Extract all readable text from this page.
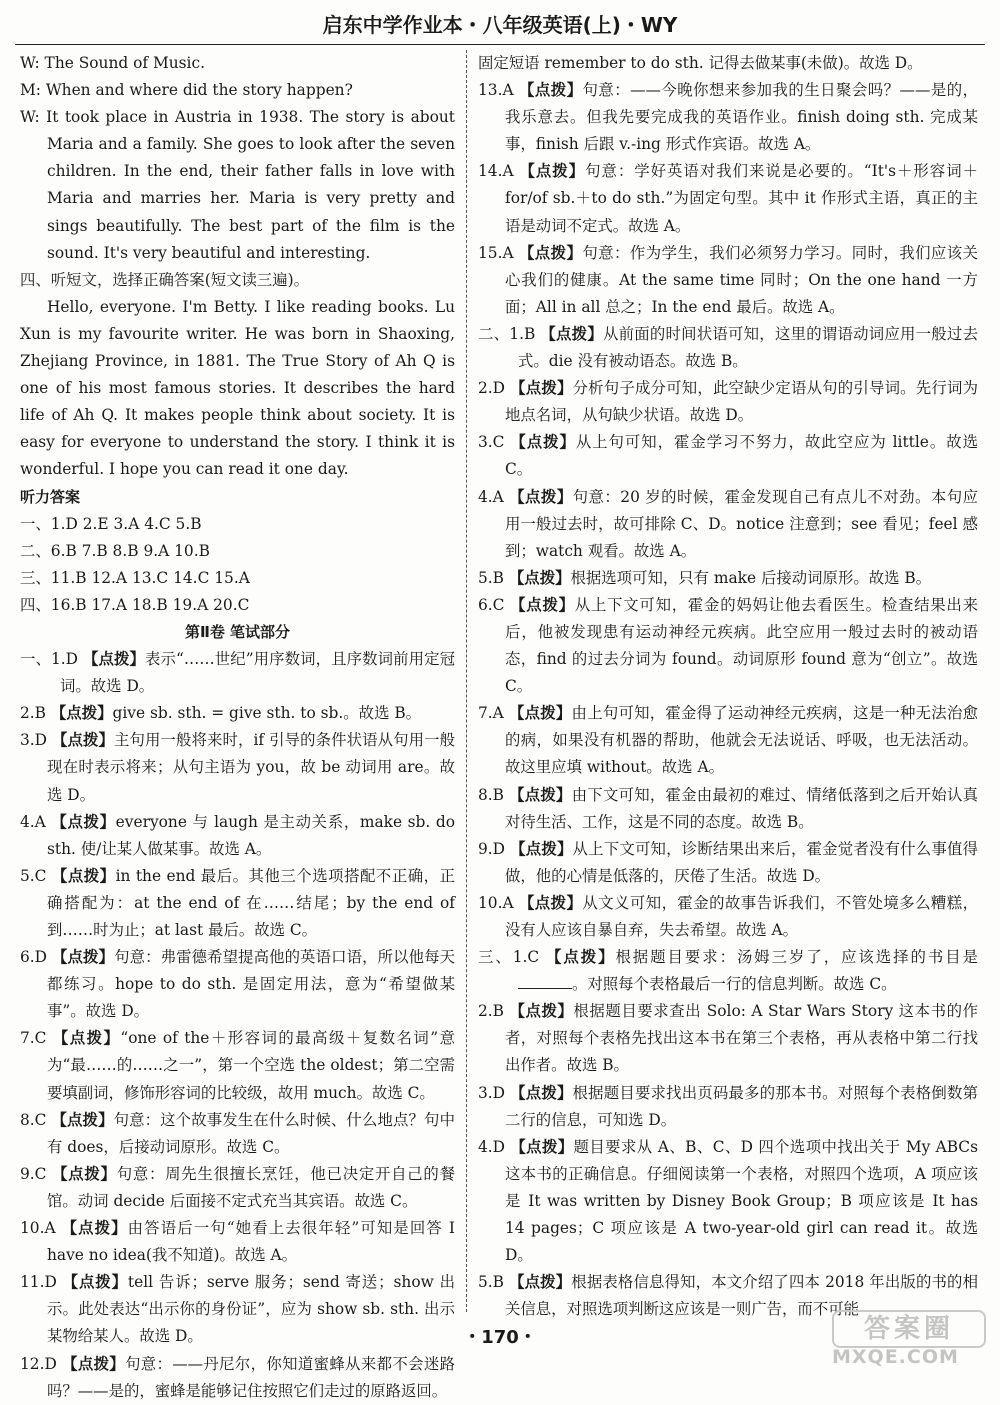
启东中学作业本・八年级英语(上)・WY

W: The Sound of Music.

M: When and where did the story happen?

W: It took place in Austria in 1938. The story is about Maria and a family. She goes to look after the seven children. In the end, their father falls in love with Maria and marries her. Maria is very pretty and sings beautifully. The best part of the film is the sound. It's very beautiful and interesting.

四、听短文，选择正确答案(短文读三遍)。

Hello, everyone. I'm Betty. I like reading books. Lu Xun is my favourite writer. He was born in Shaoxing, Zhejiang Province, in 1881. The True Story of Ah Q is one of his most famous stories. It describes the hard life of Ah Q. It makes people think about society. It is easy for everyone to understand the story. I think it is wonderful. I hope you can read it one day.

听力答案

一、1.D 2.E 3.A 4.C 5.B

二、6.B 7.B 8.B 9.A 10.B

三、11.B 12.A 13.C 14.C 15.A

四、16.B 17.A 18.B 19.A 20.C

第Ⅱ卷 笔试部分

一、1.D 【点拨】表示“……世纪”用序数词，且序数词前用定冠词。故选 D。

2.B 【点拨】give sb. sth. = give sth. to sb.。故选 B。

3.D 【点拨】主句用一般将来时，if 引导的条件状语从句用一般现在时表示将来；从句主语为 you，故 be 动词用 are。故选 D。

4.A 【点拨】everyone 与 laugh 是主动关系，make sb. do sth. 使/让某人做某事。故选 A。

5.C 【点拨】in the end 最后。其他三个选项搭配不正确，正确搭配为：at the end of 在……结尾；by the end of 到……时为止；at last 最后。故选 C。

6.D 【点拨】句意：弗雷德希望提高他的英语口语，所以他每天都练习。hope to do sth. 是固定用法，意为“希望做某事”。故选 D。

7.C 【点拨】“one of the＋形容词的最高级＋复数名词”意为“最……的……之一”，第一个空选 the oldest；第二空需要填副词，修饰形容词的比较级，故用 much。故选 C。

8.C 【点拨】句意：这个故事发生在什么时候、什么地点？句中有 does，后接动词原形。故选 C。

9.C 【点拨】句意：周先生很擅长烹饪，他已决定开自己的餐馆。动词 decide 后面接不定式充当其宾语。故选 C。

10.A 【点拨】由答语后一句“她看上去很年轻”可知是回答 I have no idea(我不知道)。故选 A。

11.D 【点拨】tell 告诉；serve 服务；send 寄送；show 出示。此处表达“出示你的身份证”，应为 show sb. sth. 出示某物给某人。故选 D。

12.D 【点拨】句意：——丹尼尔，你知道蜜蜂从来都不会迷路吗？——是的，蜜蜂是能够记住按照它们走过的原路返回。

固定短语 remember to do sth. 记得去做某事(未做)。故选 D。

13.A 【点拨】句意：——今晚你想来参加我的生日聚会吗？——是的，我乐意去。但我先要完成我的英语作业。finish doing sth. 完成某事，finish 后跟 v.-ing 形式作宾语。故选 A。

14.A 【点拨】句意：学好英语对我们来说是必要的。“It's＋形容词＋for/of sb.＋to do sth.”为固定句型。其中 it 作形式主语，真正的主语是动词不定式。故选 A。

15.A 【点拨】句意：作为学生，我们必须努力学习。同时，我们应该关心我们的健康。At the same time 同时；On the one hand 一方面；All in all 总之；In the end 最后。故选 A。

二、1.B 【点拨】从前面的时间状语可知，这里的谓语动词应用一般过去式。die 没有被动语态。故选 B。

2.D 【点拨】分析句子成分可知，此空缺少定语从句的引导词。先行词为地点名词，从句缺少状语。故选 D。

3.C 【点拨】从上句可知，霍金学习不努力，故此空应为 little。故选 C。

4.A 【点拨】句意：20 岁的时候，霍金发现自己有点儿不对劲。本句应用一般过去时，故可排除 C、D。notice 注意到；see 看见；feel 感到；watch 观看。故选 A。

5.B 【点拨】根据选项可知，只有 make 后接动词原形。故选 B。

6.C 【点拨】从上下文可知，霍金的妈妈让他去看医生。检查结果出来后，他被发现患有运动神经元疾病。此空应用一般过去时的被动语态，find 的过去分词为 found。动词原形 found 意为“创立”。故选 C。

7.A 【点拨】由上句可知，霍金得了运动神经元疾病，这是一种无法治愈的病，如果没有机器的帮助，他就会无法说话、呼吸，也无法活动。故这里应填 without。故选 A。

8.B 【点拨】由下文可知，霍金由最初的难过、情绪低落到之后开始认真对待生活、工作，这是不同的态度。故选 B。

9.D 【点拨】从上下文可知，诊断结果出来后，霍金觉者没有什么事值得做，他的心情是低落的，厌倦了生活。故选 D。

10.A 【点拨】从文义可知，霍金的故事告诉我们，不管处境多么糟糕，没有人应该自暴自弃，失去希望。故选 A。

三、1.C 【点拨】根据题目要求：汤姆三岁了，应该选择的书目是。对照每个表格最后一行的信息判断。故选 C。

2.B 【点拨】根据题目要求查出 Solo: A Star Wars Story 这本书的作者，对照每个表格先找出这本书在第三个表格，再从表格中第二行找出作者。故选 B。

3.D 【点拨】根据题目要求找出页码最多的那本书。对照每个表格倒数第二行的信息，可知选 D。

4.D 【点拨】题目要求从 A、B、C、D 四个选项中找出关于 My ABCs 这本书的正确信息。仔细阅读第一个表格，对照四个选项，A 项应该是 It was written by Disney Book Group；B 项应该是 It has 14 pages；C 项应该是 A two-year-old girl can read it。故选 D。

5.B 【点拨】根据表格信息得知，本文介绍了四本 2018 年出版的书的相关信息，对照选项判断这应该是一则广告，而不可能

・170・	答案圈
MXQE.COM
